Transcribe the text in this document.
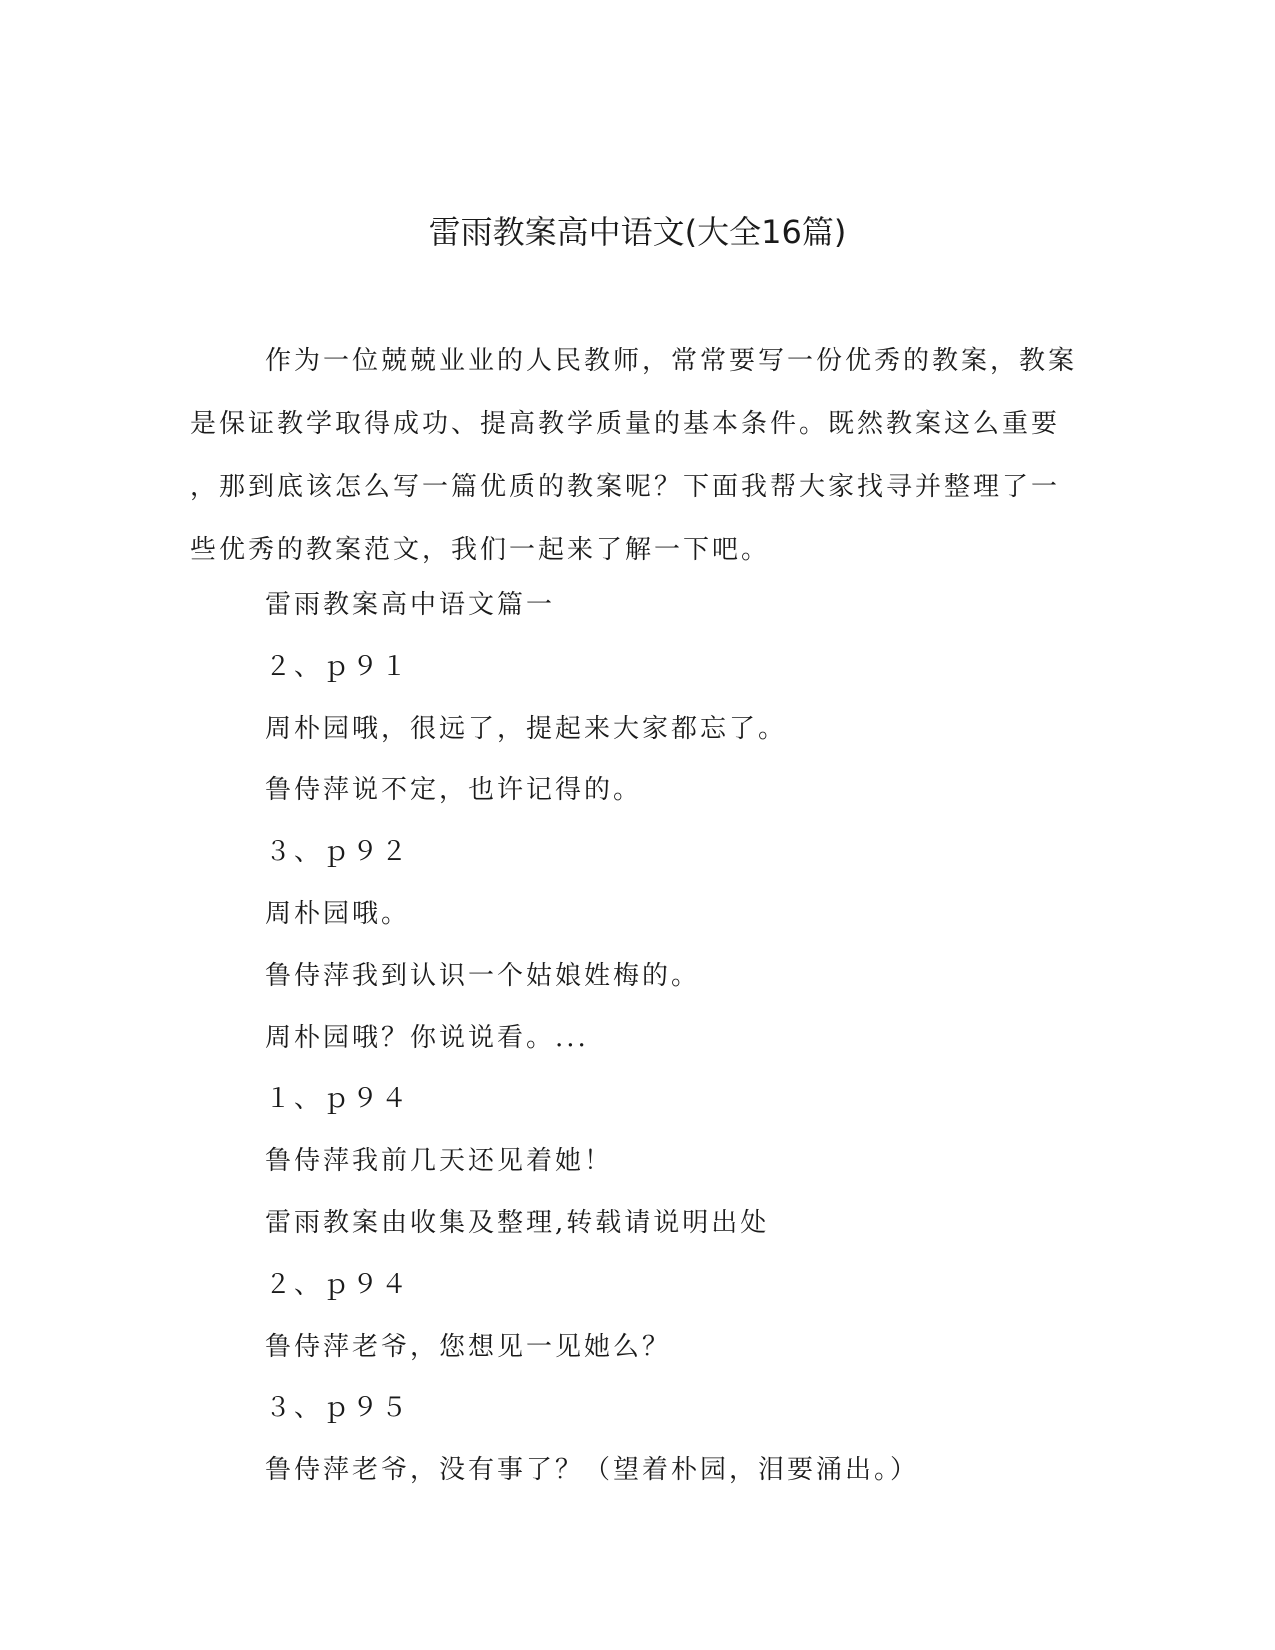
雷雨教案高中语文(大全16篇)
作为一位兢兢业业的人民教师，常常要写一份优秀的教案，教案
是保证教学取得成功、提高教学质量的基本条件。既然教案这么重要
，那到底该怎么写一篇优质的教案呢？下面我帮大家找寻并整理了一
些优秀的教案范文，我们一起来了解一下吧。
雷雨教案高中语文篇一
２、ｐ９１
周朴园哦，很远了，提起来大家都忘了。
鲁侍萍说不定，也许记得的。
３、ｐ９２
周朴园哦。
鲁侍萍我到认识一个姑娘姓梅的。
周朴园哦？你说说看。...
１、ｐ９４
鲁侍萍我前几天还见着她！
雷雨教案由收集及整理,转载请说明出处
２、ｐ９４
鲁侍萍老爷，您想见一见她么？
３、ｐ９５
鲁侍萍老爷，没有事了？（望着朴园，泪要涌出。）
